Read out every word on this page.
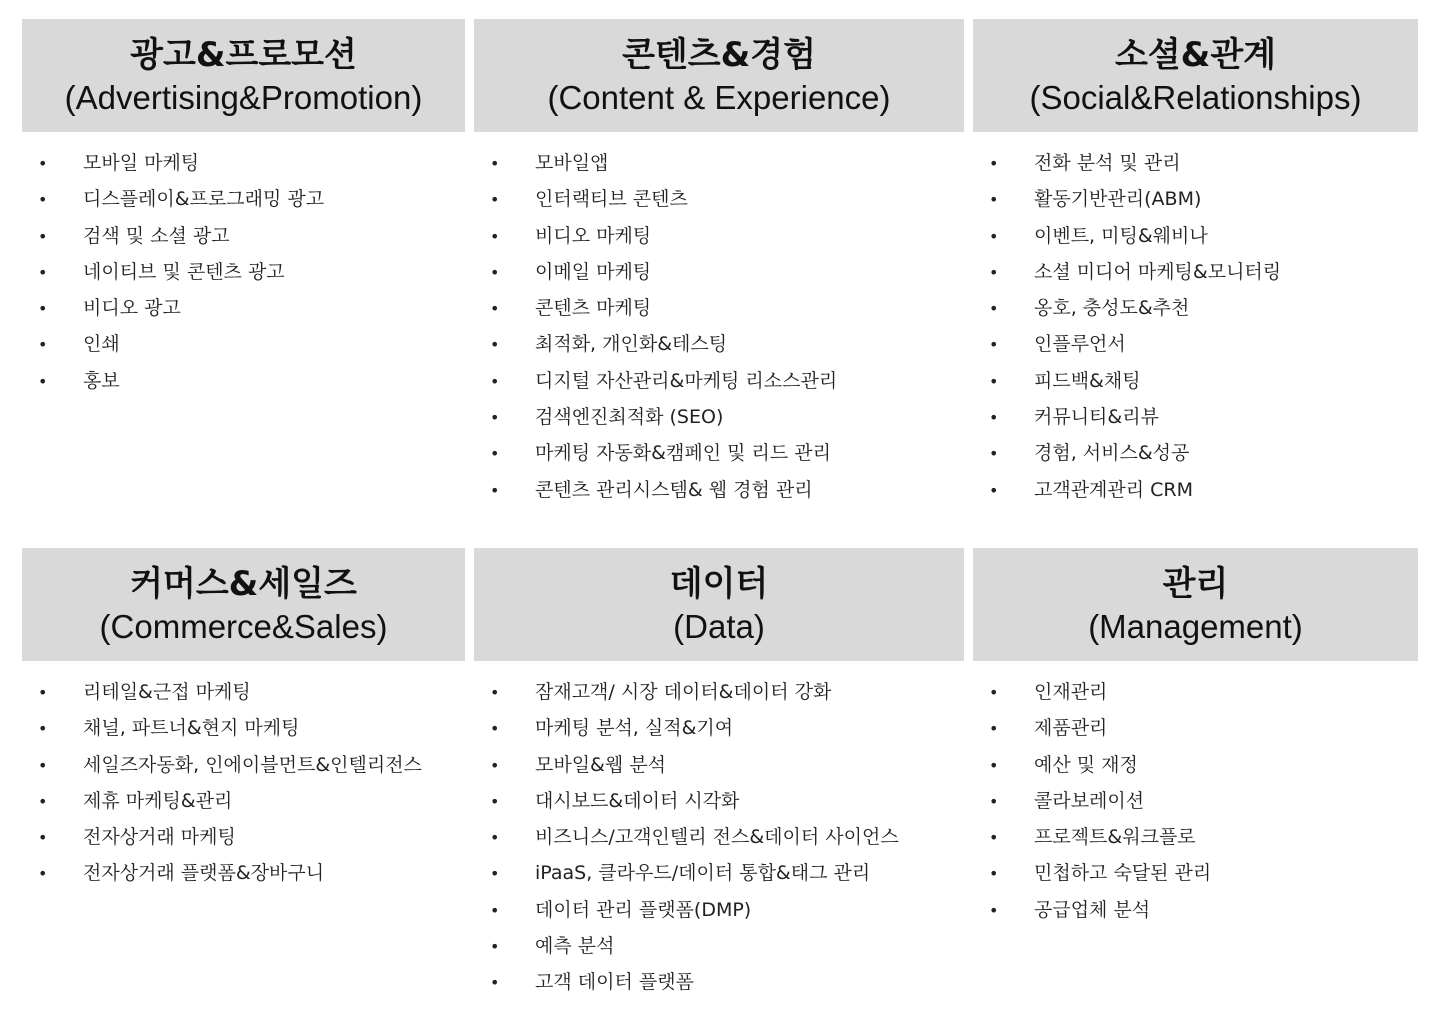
광고&프로모션
(Advertising&Promotion)
• 모바일 마케팅
• 디스플레이&프로그래밍 광고
• 검색 및 소셜 광고
• 네이티브 및 콘텐츠 광고
• 비디오 광고
• 인쇄
• 홍보
콘텐츠&경험
(Content & Experience)
• 모바일앱
• 인터랙티브 콘텐츠
• 비디오 마케팅
• 이메일 마케팅
• 콘텐츠 마케팅
• 최적화, 개인화&테스팅
• 디지털 자산관리&마케팅 리소스관리
• 검색엔진최적화 (SEO)
• 마케팅 자동화&캠페인 및 리드 관리
• 콘텐츠 관리시스템& 웹 경험 관리
소셜&관계
(Social&Relationships)
• 전화 분석 및 관리
• 활동기반관리(ABM)
• 이벤트, 미팅&웨비나
• 소셜 미디어 마케팅&모니터링
• 옹호, 충성도&추천
• 인플루언서
• 피드백&채팅
• 커뮤니티&리뷰
• 경험, 서비스&성공
• 고객관계관리 CRM
커머스&세일즈
(Commerce&Sales)
• 리테일&근접 마케팅
• 채널, 파트너&현지 마케팅
• 세일즈자동화, 인에이블먼트&인텔리전스
• 제휴 마케팅&관리
• 전자상거래 마케팅
• 전자상거래 플랫폼&장바구니
데이터
(Data)
• 잠재고객/ 시장 데이터&데이터 강화
• 마케팅 분석, 실적&기여
• 모바일&웹 분석
• 대시보드&데이터 시각화
• 비즈니스/고객인텔리 전스&데이터 사이언스
• iPaaS, 클라우드/데이터 통합&태그 관리
• 데이터 관리 플랫폼(DMP)
• 예측 분석
• 고객 데이터 플랫폼
관리
(Management)
• 인재관리
• 제품관리
• 예산 및 재정
• 콜라보레이션
• 프로젝트&워크플로
• 민첩하고 숙달된 관리
• 공급업체 분석
